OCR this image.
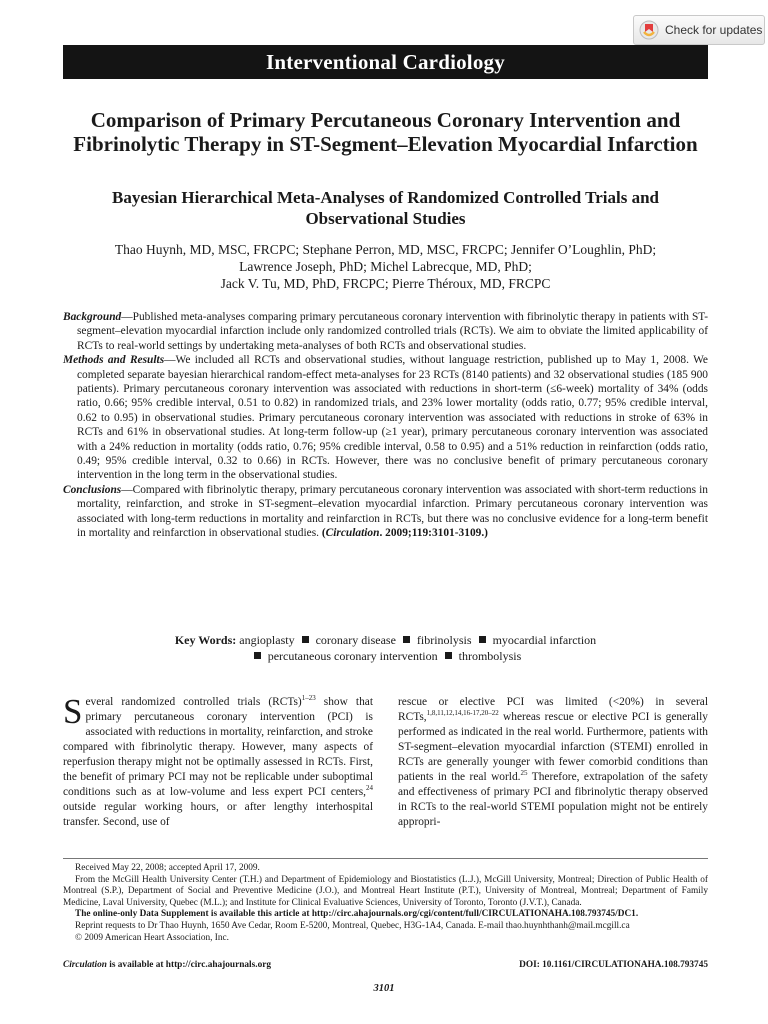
Check for updates
Interventional Cardiology
Comparison of Primary Percutaneous Coronary Intervention and Fibrinolytic Therapy in ST-Segment–Elevation Myocardial Infarction
Bayesian Hierarchical Meta-Analyses of Randomized Controlled Trials and Observational Studies
Thao Huynh, MD, MSC, FRCPC; Stephane Perron, MD, MSC, FRCPC; Jennifer O’Loughlin, PhD;
Lawrence Joseph, PhD; Michel Labrecque, MD, PhD;
Jack V. Tu, MD, PhD, FRCPC; Pierre Théroux, MD, FRCPC

Background—Published meta-analyses comparing primary percutaneous coronary intervention with fibrinolytic therapy in patients with ST-segment–elevation myocardial infarction include only randomized controlled trials (RCTs). We aim to obviate the limited applicability of RCTs to real-world settings by undertaking meta-analyses of both RCTs and observational studies.

Methods and Results—We included all RCTs and observational studies, without language restriction, published up to May 1, 2008. We completed separate bayesian hierarchical random-effect meta-analyses for 23 RCTs (8140 patients) and 32 observational studies (185 900 patients). Primary percutaneous coronary intervention was associated with reductions in short-term (≤6-week) mortality of 34% (odds ratio, 0.66; 95% credible interval, 0.51 to 0.82) in randomized trials, and 23% lower mortality (odds ratio, 0.77; 95% credible interval, 0.62 to 0.95) in observational studies. Primary percutaneous coronary intervention was associated with reductions in stroke of 63% in RCTs and 61% in observational studies. At long-term follow-up (≥1 year), primary percutaneous coronary intervention was associated with a 24% reduction in mortality (odds ratio, 0.76; 95% credible interval, 0.58 to 0.95) and a 51% reduction in reinfarction (odds ratio, 0.49; 95% credible interval, 0.32 to 0.66) in RCTs. However, there was no conclusive benefit of primary percutaneous coronary intervention in the long term in the observational studies.

Conclusions—Compared with fibrinolytic therapy, primary percutaneous coronary intervention was associated with short-term reductions in mortality, reinfarction, and stroke in ST-segment–elevation myocardial infarction. Primary percutaneous coronary intervention was associated with long-term reductions in mortality and reinfarction in RCTs, but there was no conclusive evidence for a long-term benefit in mortality and reinfarction in observational studies. (Circulation. 2009;119:3101-3109.)

Key Words: angioplasty coronary disease fibrinolysis myocardial infarction
percutaneous coronary intervention thrombolysis

Several randomized controlled trials (RCTs)$^{1-23}$ show that primary percutaneous coronary intervention (PCI) is associated with reductions in mortality, reinfarction, and stroke compared with fibrinolytic therapy. However, many aspects of reperfusion therapy might not be optimally assessed in RCTs. First, the benefit of primary PCI may not be replicable under suboptimal conditions such as at low-volume and less expert PCI centers,$^{24}$ outside regular working hours, or after lengthy interhospital transfer. Second, use of

rescue or elective PCI was limited (<20%) in several RCTs,$^{1,8,11,12,14,16-17,20-22}$ whereas rescue or elective PCI is generally performed as indicated in the real world. Furthermore, patients with ST-segment–elevation myocardial infarction (STEMI) enrolled in RCTs are generally younger with fewer comorbid conditions than patients in the real world.$^{25}$ Therefore, extrapolation of the safety and effectiveness of primary PCI and fibrinolytic therapy observed in RCTs to the real-world STEMI population might not be entirely appropri-

Received May 22, 2008; accepted April 17, 2009.

From the McGill Health University Center (T.H.) and Department of Epidemiology and Biostatistics (L.J.), McGill University, Montreal; Direction of Public Health of Montreal (S.P.), Department of Social and Preventive Medicine (J.O.), and Montreal Heart Institute (P.T.), University of Montreal, Montreal; Department of Family Medicine, Laval University, Quebec (M.L.); and Institute for Clinical Evaluative Sciences, University of Toronto, Toronto (J.V.T.), Canada.

The online-only Data Supplement is available this article at http://circ.ahajournals.org/cgi/content/full/CIRCULATIONAHA.108.793745/DC1.

Reprint requests to Dr Thao Huynh, 1650 Ave Cedar, Room E-5200, Montreal, Quebec, H3G-1A4, Canada. E-mail thao.huynhthanh@mail.mcgill.ca

© 2009 American Heart Association, Inc.

Circulation is available at http://circ.ahajournals.org	DOI: 10.1161/CIRCULATIONAHA.108.793745
3101
